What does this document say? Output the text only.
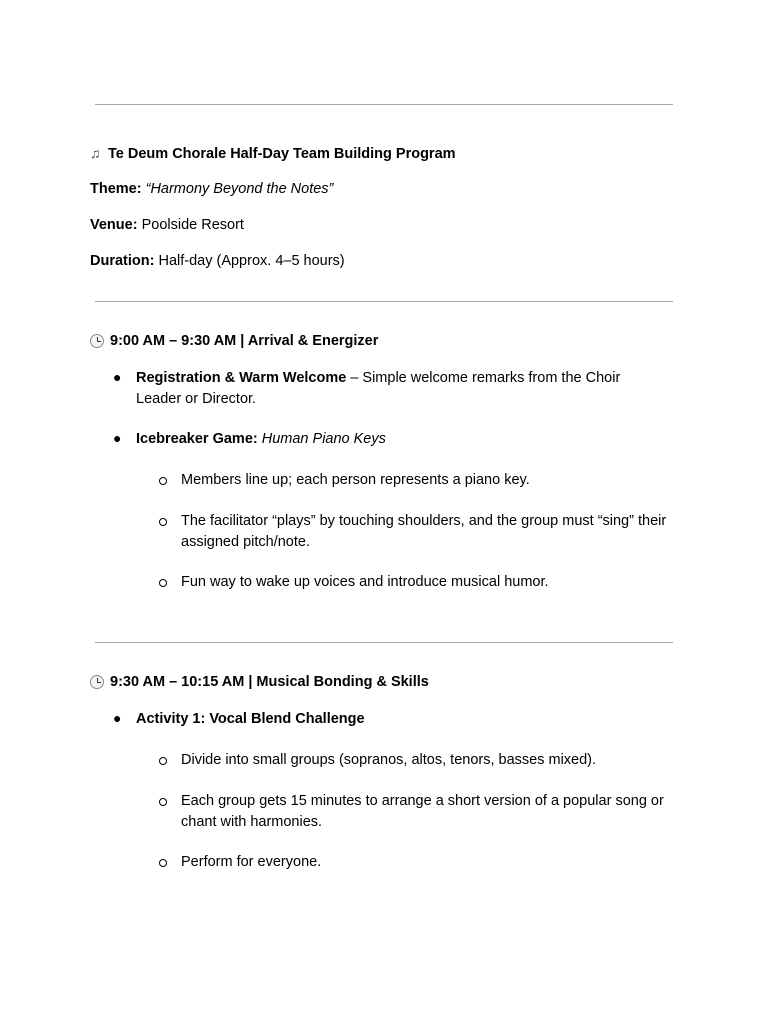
♫ Te Deum Chorale Half-Day Team Building Program
Theme: “Harmony Beyond the Notes”
Venue: Poolside Resort
Duration: Half-day (Approx. 4–5 hours)
9:00 AM – 9:30 AM | Arrival & Energizer
● Registration & Warm Welcome – Simple welcome remarks from the Choir Leader or Director.
● Icebreaker Game: Human Piano Keys
Members line up; each person represents a piano key.
The facilitator “plays” by touching shoulders, and the group must “sing” their assigned pitch/note.
Fun way to wake up voices and introduce musical humor.
9:30 AM – 10:15 AM | Musical Bonding & Skills
● Activity 1: Vocal Blend Challenge
Divide into small groups (sopranos, altos, tenors, basses mixed).
Each group gets 15 minutes to arrange a short version of a popular song or chant with harmonies.
Perform for everyone.
